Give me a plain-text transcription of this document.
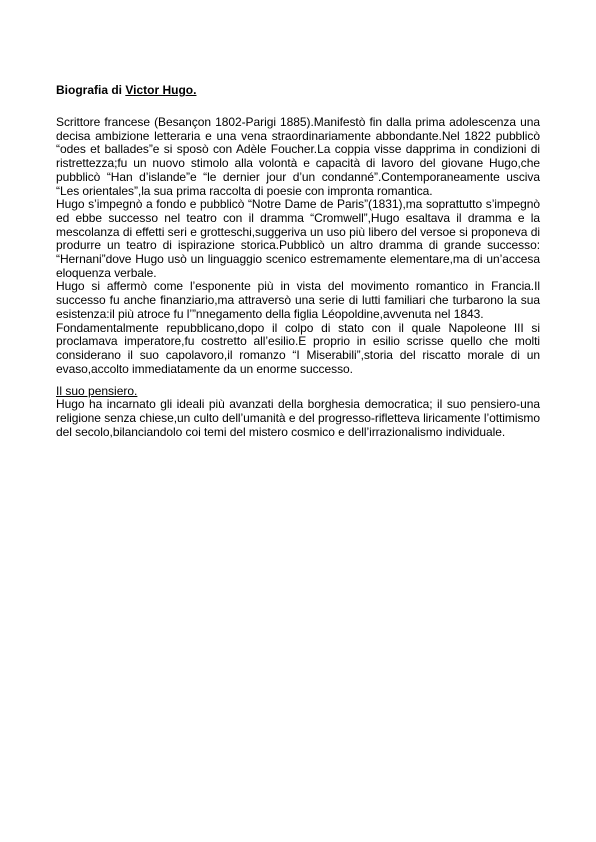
Biografia di Victor Hugo.

Scrittore francese (Besançon 1802-Parigi 1885).Manifestò fin dalla prima adolescenza una decisa ambizione letteraria e una vena straordinariamente abbondante.Nel 1822 pubblicò “odes et ballades”e si sposò con Adèle Foucher.La coppia visse dapprima in condizioni di ristrettezza;fu un nuovo stimolo alla volontà e capacità di lavoro del giovane Hugo,che pubblicò “Han d’islande”e “le dernier jour d’un condanné”.Contemporaneamente usciva “Les orientales”,la sua prima raccolta di poesie con impronta romantica.

Hugo s’impegnò a fondo e pubblicò “Notre Dame de Paris”(1831),ma soprattutto s’impegnò ed ebbe successo nel teatro con il dramma “Cromwell”,Hugo esaltava il dramma e la mescolanza di effetti seri e grotteschi,suggeriva un uso più libero del versoe si proponeva di produrre un teatro di ispirazione storica.Pubblicò un altro dramma di grande successo: “Hernani”dove Hugo usò un linguaggio scenico estremamente elementare,ma di un’accesa eloquenza verbale.

Hugo si affermò come l’esponente più in vista del movimento romantico in Francia.Il successo fu anche finanziario,ma attraversò una serie di lutti familiari che turbarono la sua esistenza:il più atroce fu l’”nnegamento della figlia Léopoldine,avvenuta nel 1843.

Fondamentalmente repubblicano,dopo il colpo di stato con il quale Napoleone III si proclamava imperatore,fu costretto all’esilio.E proprio in esilio scrisse quello che molti considerano il suo capolavoro,il romanzo “I Miserabili”,storia del riscatto morale di un evaso,accolto immediatamente da un enorme successo.

Il suo pensiero.

Hugo ha incarnato gli ideali più avanzati della borghesia democratica; il suo pensiero-una religione senza chiese,un culto dell’umanità e del progresso-rifletteva liricamente l’ottimismo del secolo,bilanciandolo coi temi del mistero cosmico e dell’irrazionalismo individuale.
